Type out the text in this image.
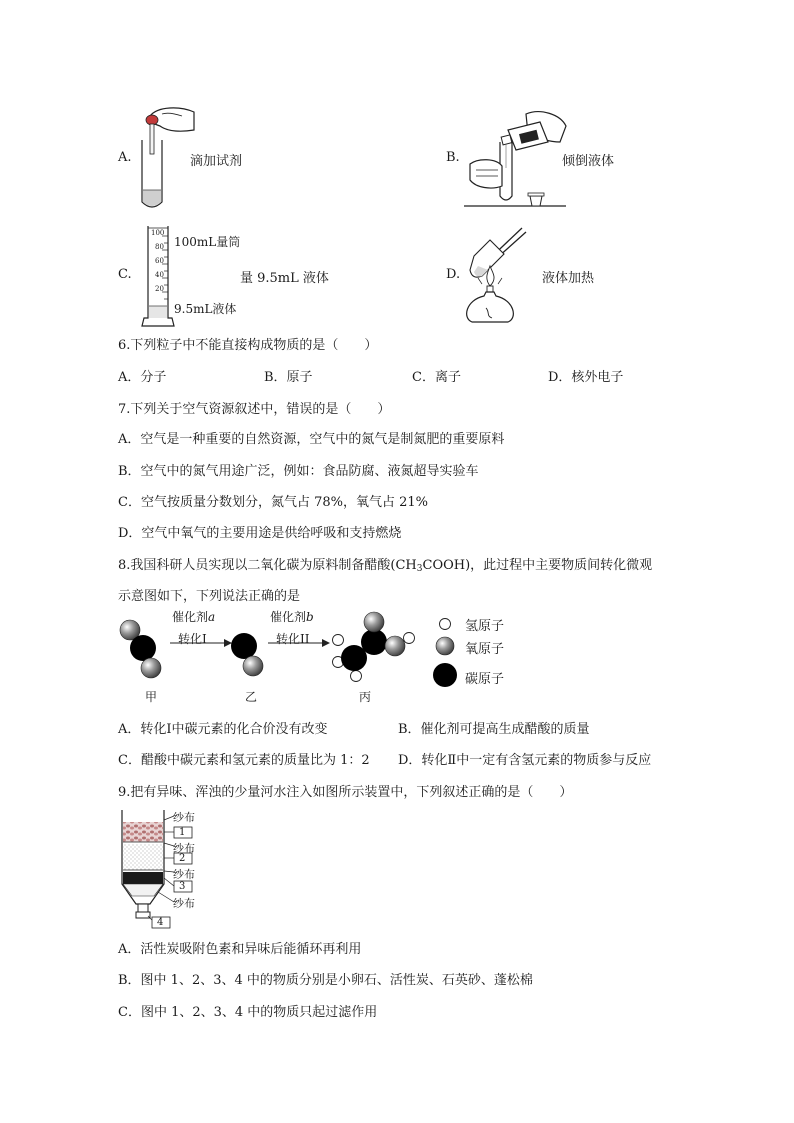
A.	滴加试剂	B.	倾倒液体
100
80
60
40
20
100mL量筒
9.5mL液体
C.	量 9.5mL 液体	D.	液体加热
6.下列粒子中不能直接构成物质的是（　　）
A．分子	B．原子	C．离子	D．核外电子
7.下列关于空气资源叙述中，错误的是（　　）
A．空气是一种重要的自然资源，空气中的氮气是制氮肥的重要原料
B．空气中的氮气用途广泛，例如：食品防腐、液氮超导实验车
C．空气按质量分数划分，氮气占 78%，氧气占 21%
D．空气中氧气的主要用途是供给呼吸和支持燃烧
8.我国科研人员实现以二氧化碳为原料制备醋酸$(CH_3COOH)$，此过程中主要物质间转化微观
示意图如下，下列说法正确的是
催化剂a
转化I
催化剂b
转化II
甲	乙	丙
氢原子
氧原子
碳原子
A．转化Ⅰ中碳元素的化合价没有改变	B．催化剂可提高生成醋酸的质量
C．醋酸中碳元素和氢元素的质量比为 1：2 D．转化Ⅱ中一定有含氢元素的物质参与反应
9.把有异味、浑浊的少量河水注入如图所示装置中，下列叙述正确的是（　　）
纱布
1
纱布
2
纱布
3
纱布
4
A．活性炭吸附色素和异味后能循环再利用
B．图中 1、2、3、4 中的物质分别是小卵石、活性炭、石英砂、蓬松棉
C．图中 1、2、3、4 中的物质只起过滤作用
